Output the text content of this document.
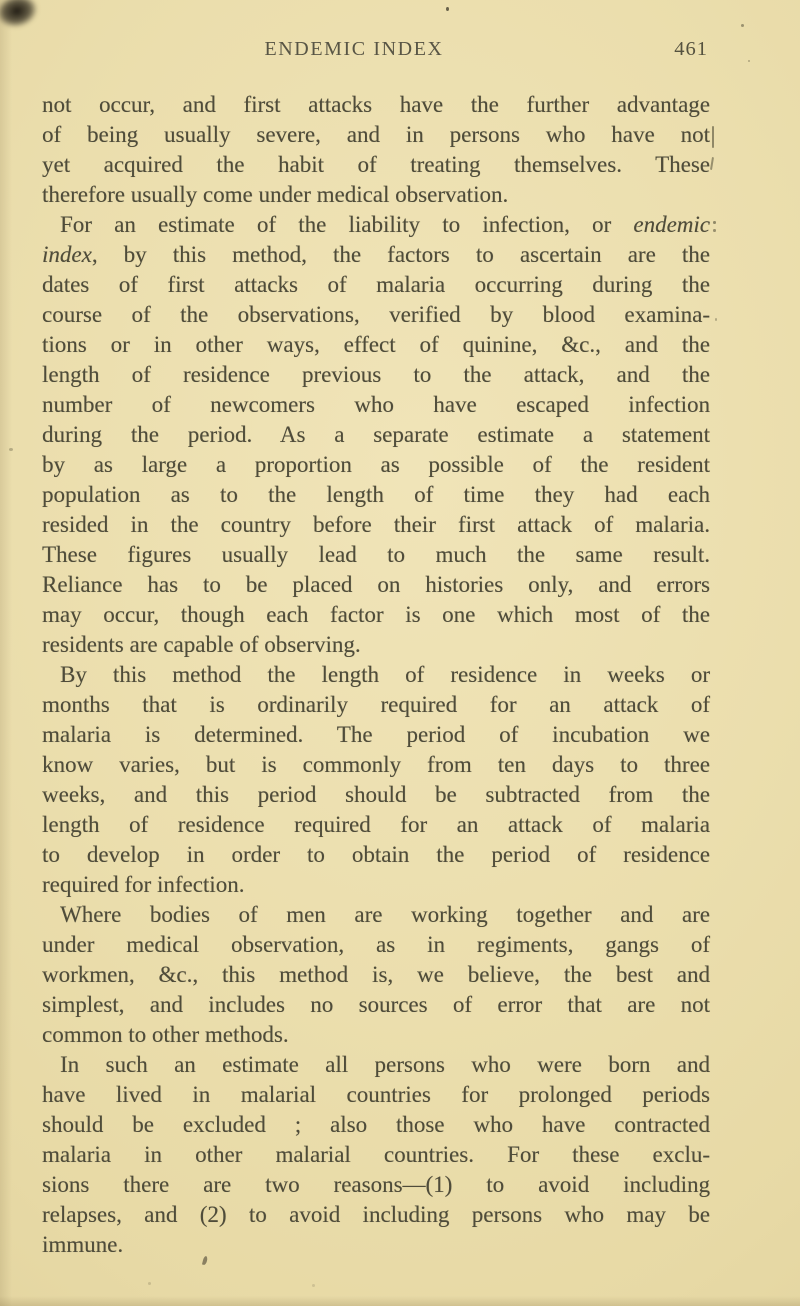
ENDEMIC INDEX	461
not occur, and first attacks have the further advantage
of being usually severe, and in persons who have not
yet acquired the habit of treating themselves. These
therefore usually come under medical observation.
For an estimate of the liability to infection, or endemic
index, by this method, the factors to ascertain are the
dates of first attacks of malaria occurring during the
course of the observations, verified by blood examina-
tions or in other ways, effect of quinine, &c., and the
length of residence previous to the attack, and the
number of newcomers who have escaped infection
during the period. As a separate estimate a statement
by as large a proportion as possible of the resident
population as to the length of time they had each
resided in the country before their first attack of malaria.
These figures usually lead to much the same result.
Reliance has to be placed on histories only, and errors
may occur, though each factor is one which most of the
residents are capable of observing.
By this method the length of residence in weeks or
months that is ordinarily required for an attack of
malaria is determined. The period of incubation we
know varies, but is commonly from ten days to three
weeks, and this period should be subtracted from the
length of residence required for an attack of malaria
to develop in order to obtain the period of residence
required for infection.
Where bodies of men are working together and are
under medical observation, as in regiments, gangs of
workmen, &c., this method is, we believe, the best and
simplest, and includes no sources of error that are not
common to other methods.
In such an estimate all persons who were born and
have lived in malarial countries for prolonged periods
should be excluded ; also those who have contracted
malaria in other malarial countries. For these exclu-
sions there are two reasons—(1) to avoid including
relapses, and (2) to avoid including persons who may be
immune.
